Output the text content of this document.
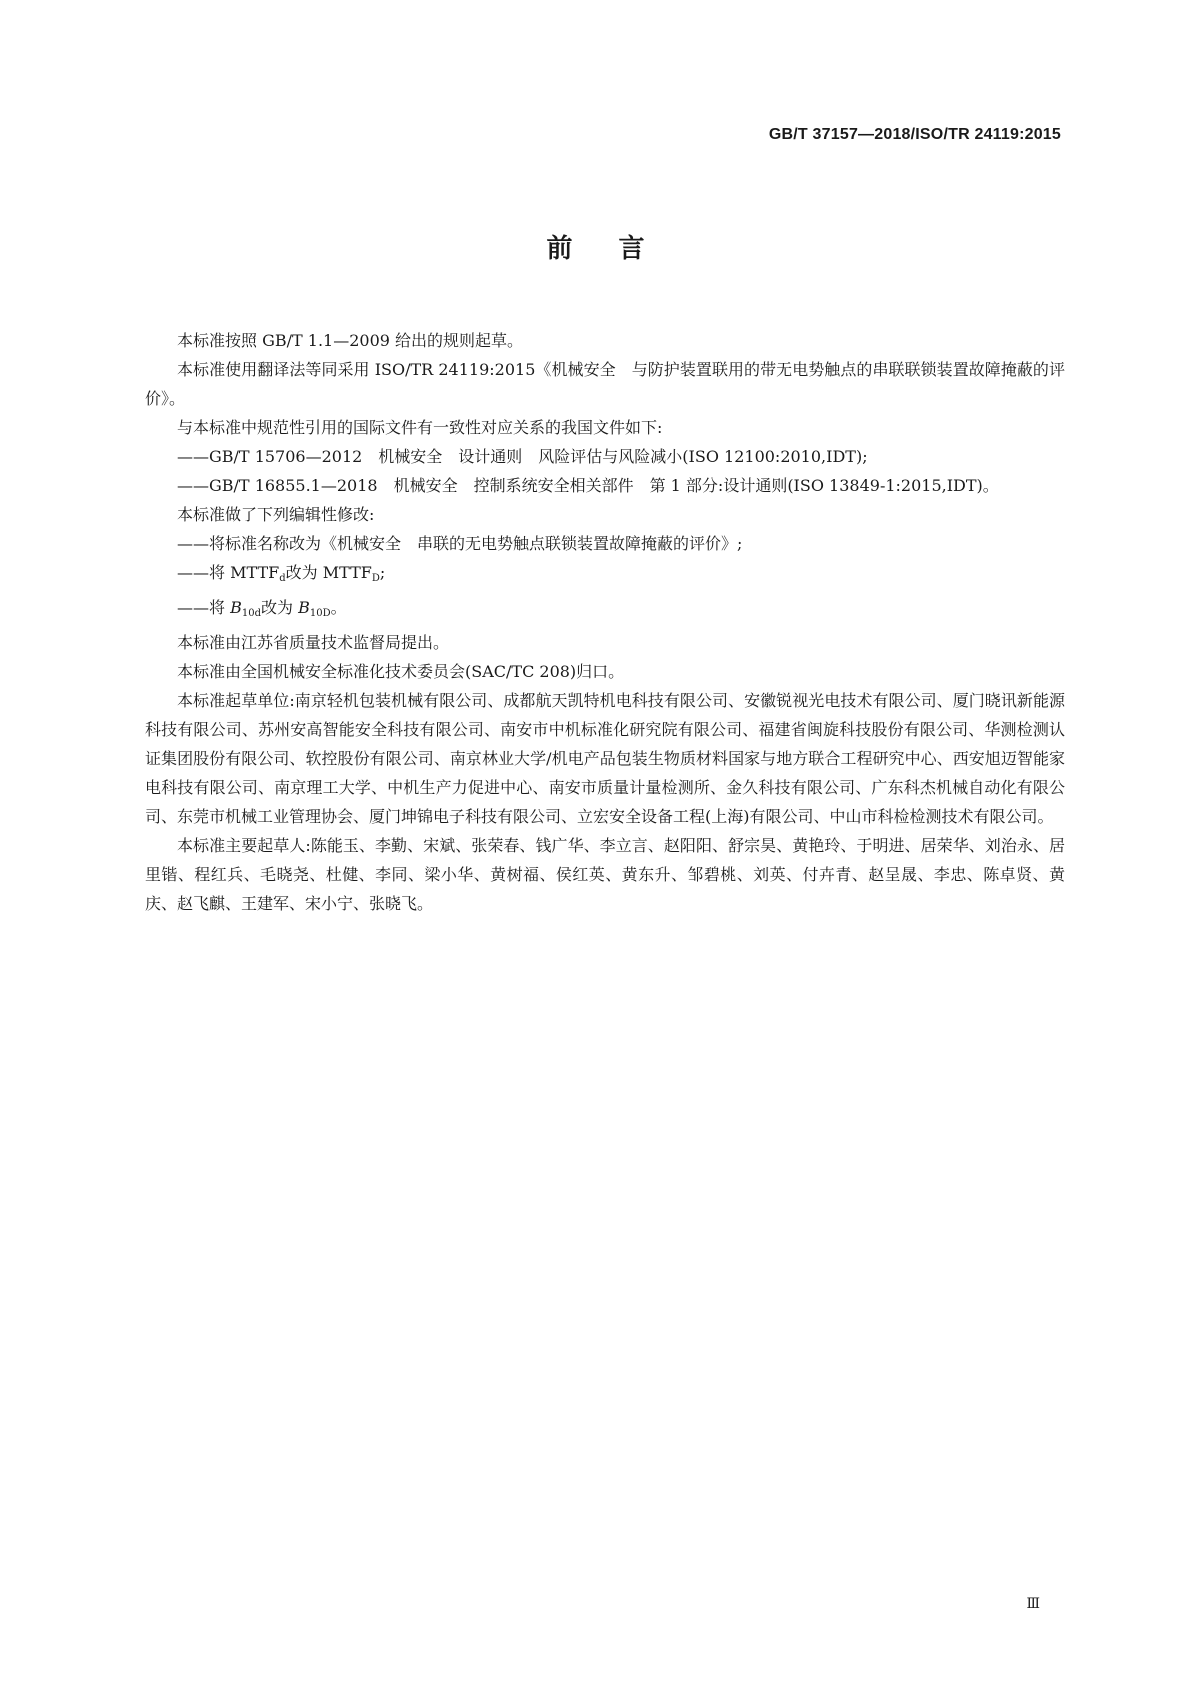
GB/T 37157—2018/ISO/TR 24119:2015
前言

本标准按照 GB/T 1.1—2009 给出的规则起草。

本标准使用翻译法等同采用 ISO/TR 24119:2015《机械安全　与防护装置联用的带无电势触点的串联联锁装置故障掩蔽的评价》。

与本标准中规范性引用的国际文件有一致性对应关系的我国文件如下:

——GB/T 15706—2012　机械安全　设计通则　风险评估与风险减小(ISO 12100:2010,IDT);

——GB/T 16855.1—2018　机械安全　控制系统安全相关部件　第 1 部分:设计通则(ISO 13849-1:2015,IDT)。

本标准做了下列编辑性修改:

——将标准名称改为《机械安全　串联的无电势触点联锁装置故障掩蔽的评价》;

——将 $MTTF_d$改为 $MTTF_D$;

——将 $B_{10d}$改为 $B_{10D}$。

本标准由江苏省质量技术监督局提出。

本标准由全国机械安全标准化技术委员会(SAC/TC 208)归口。

本标准起草单位:南京轻机包装机械有限公司、成都航天凯特机电科技有限公司、安徽锐视光电技术有限公司、厦门晓讯新能源科技有限公司、苏州安高智能安全科技有限公司、南安市中机标准化研究院有限公司、福建省闽旋科技股份有限公司、华测检测认证集团股份有限公司、软控股份有限公司、南京林业大学/机电产品包装生物质材料国家与地方联合工程研究中心、西安旭迈智能家电科技有限公司、南京理工大学、中机生产力促进中心、南安市质量计量检测所、金久科技有限公司、广东科杰机械自动化有限公司、东莞市机械工业管理协会、厦门坤锦电子科技有限公司、立宏安全设备工程(上海)有限公司、中山市科检检测技术有限公司。

本标准主要起草人:陈能玉、李勤、宋斌、张荣春、钱广华、李立言、赵阳阳、舒宗昊、黄艳玲、于明进、居荣华、刘治永、居里锴、程红兵、毛晓尧、杜健、李同、梁小华、黄树福、侯红英、黄东升、邹碧桃、刘英、付卉青、赵呈晟、李忠、陈卓贤、黄庆、赵飞麒、王建军、宋小宁、张晓飞。

Ⅲ
